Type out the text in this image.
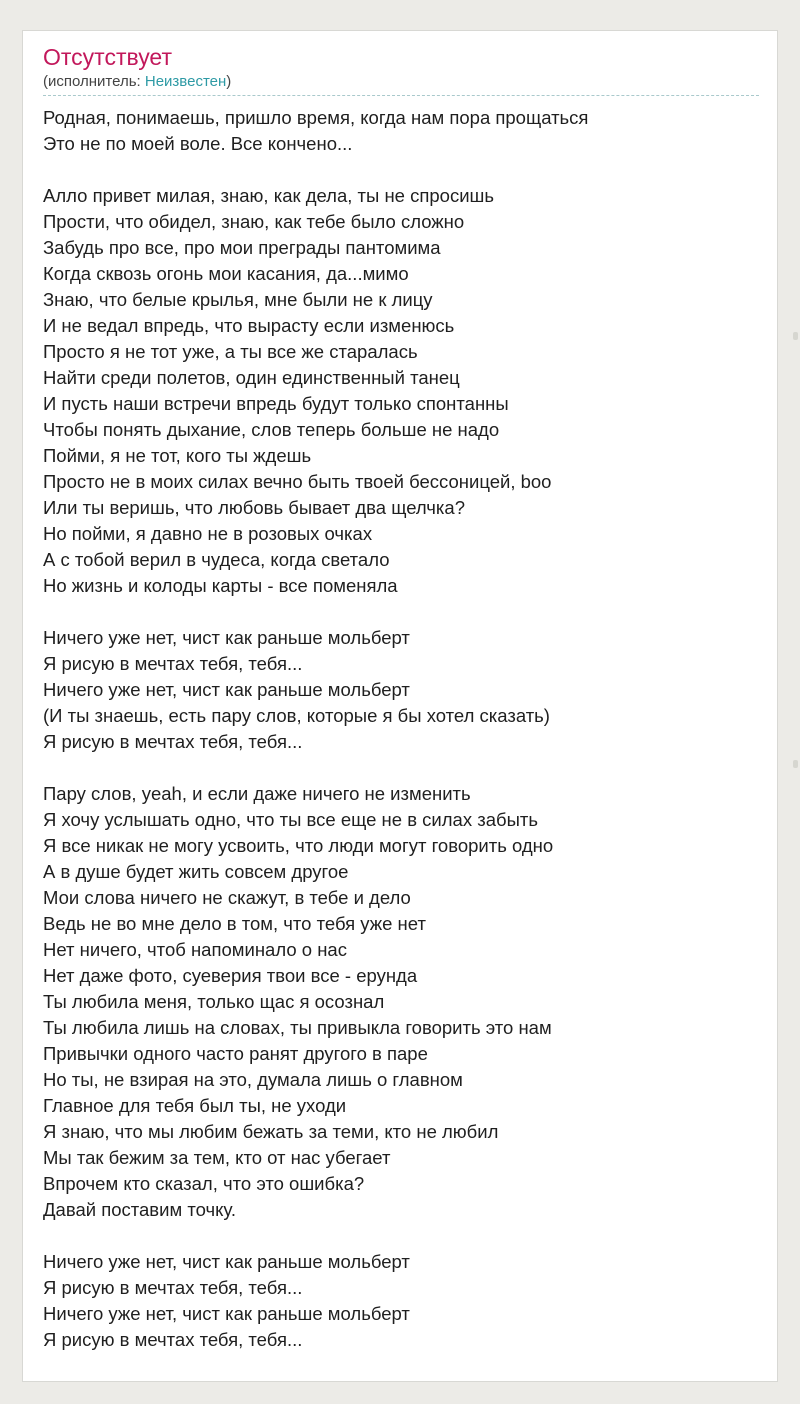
Отсутствует
(исполнитель: Неизвестен)
Родная, понимаешь, пришло время, когда нам пора прощаться
Это не по моей воле. Все кончено...
Алло привет милая, знаю, как дела, ты не спросишь
Прости, что обидел, знаю, как тебе было сложно
Забудь про все, про мои преграды пантомима
Когда сквозь огонь мои касания, да...мимо
Знаю, что белые крылья, мне были не к лицу
И не ведал впредь, что вырасту если изменюсь
Просто я не тот уже, а ты все же старалась
Найти среди полетов, один единственный танец
И пусть наши встречи впредь будут только спонтанны
Чтобы понять дыхание, слов теперь больше не надо
Пойми, я не тот, кого ты ждешь
Просто не в моих силах вечно быть твоей бессоницей, boo
Или ты веришь, что любовь бывает два щелчка?
Но пойми, я давно не в розовых очках
А с тобой верил в чудеса, когда светало
Но жизнь и колоды карты - все поменяла
Ничего уже нет, чист как раньше мольберт
Я рисую в мечтах тебя, тебя...
Ничего уже нет, чист как раньше мольберт
(И ты знаешь, есть пару слов, которые я бы хотел сказать)
Я рисую в мечтах тебя, тебя...
Пару слов, yeah, и если даже ничего не изменить
Я хочу услышать одно, что ты все еще не в силах забыть
Я все никак не могу усвоить, что люди могут говорить одно
А в душе будет жить совсем другое
Мои слова ничего не скажут, в тебе и дело
Ведь не во мне дело в том, что тебя уже нет
Нет ничего, чтоб напоминало о нас
Нет даже фото, суеверия твои все - ерунда
Ты любила меня, только щас я осознал
Ты любила лишь на словах, ты привыкла говорить это нам
Привычки одного часто ранят другого в паре
Но ты, не взирая на это, думала лишь о главном
Главное для тебя был ты, не уходи
Я знаю, что мы любим бежать за теми, кто не любил
Мы так бежим за тем, кто от нас убегает
Впрочем кто сказал, что это ошибка?
Давай поставим точку.
Ничего уже нет, чист как раньше мольберт
Я рисую в мечтах тебя, тебя...
Ничего уже нет, чист как раньше мольберт
Я рисую в мечтах тебя, тебя...
